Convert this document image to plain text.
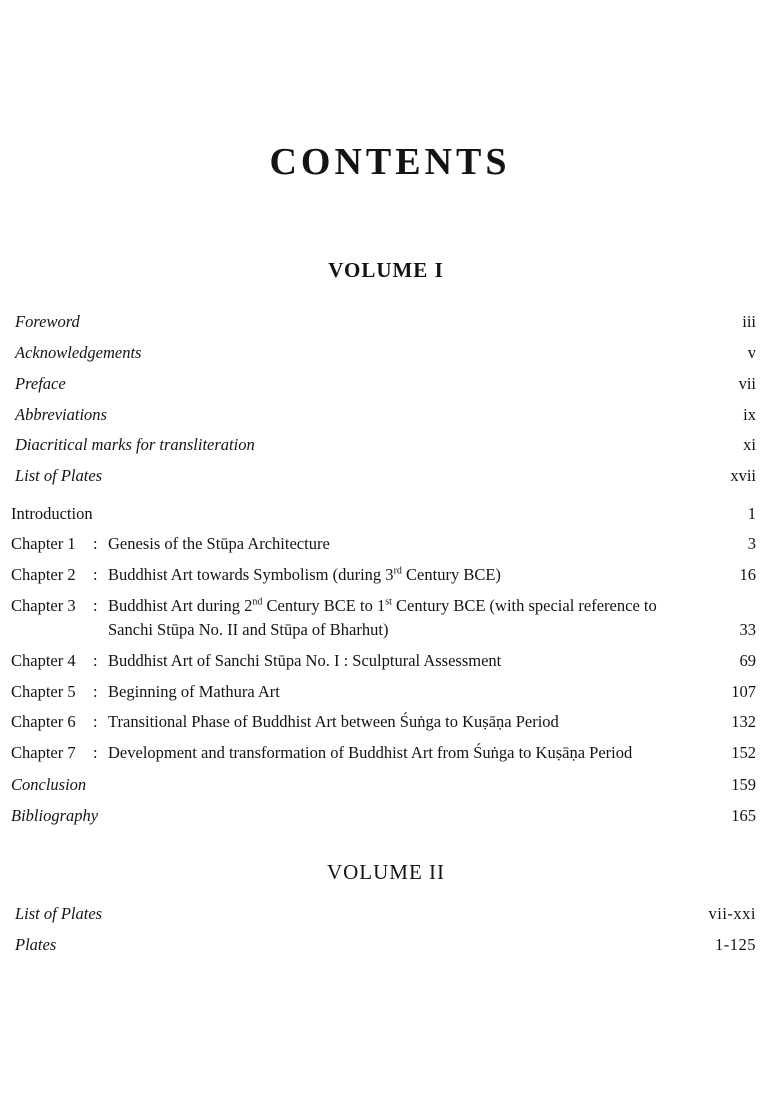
CONTENTS
VOLUME I
Foreword	iii
Acknowledgements	v
Preface	vii
Abbreviations	ix
Diacritical marks for transliteration	xi
List of Plates	xvii
Introduction	1
Chapter 1 : Genesis of the Stūpa Architecture	3
Chapter 2 : Buddhist Art towards Symbolism (during 3rd Century BCE)	16
Chapter 3 : Buddhist Art during 2nd Century BCE to 1st Century BCE (with special reference to
Sanchi Stūpa No. II and Stūpa of Bharhut)	33
Chapter 4 : Buddhist Art of Sanchi Stūpa No. I : Sculptural Assessment	69
Chapter 5 : Beginning of Mathura Art	107
Chapter 6 : Transitional Phase of Buddhist Art between Śuṅga to Kuṣāṇa Period	132
Chapter 7 : Development and transformation of Buddhist Art from Śuṅga to Kuṣāṇa Period	152
Conclusion	159
Bibliography	165
VOLUME II
List of Plates	vii-xxi
Plates	1-125
